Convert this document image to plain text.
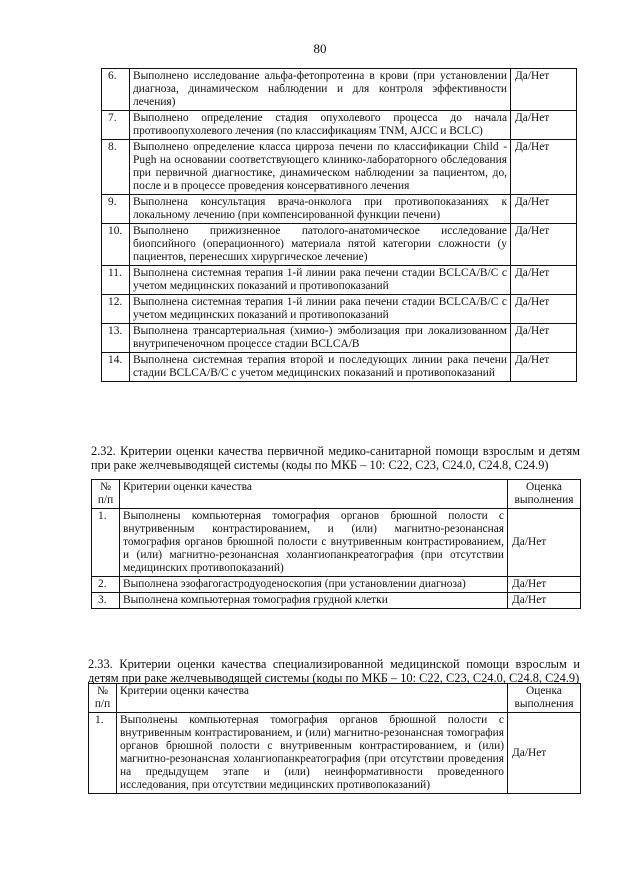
80
6.	Выполнено исследование альфа-фетопротеина в крови (при установлении диагноза, динамическом наблюдении и для контроля эффективности лечения)	Да/Нет
7.	Выполнено определение стадия опухолевого процесса до начала противоопухолевого лечения (по классификациям TNM, AJCC и BCLC)	Да/Нет
8.	Выполнено определение класса цирроза печени по классификации Child - Pugh на основании соответствующего клинико-лабораторного обследования при первичной диагностике, динамическом наблюдении за пациентом, до, после и в процессе проведения консервативного лечения	Да/Нет
9.	Выполнена консультация врача-онколога при противопоказаниях к локальному лечению (при компенсированной функции печени)	Да/Нет
10.	Выполнено прижизненное патолого-анатомическое исследование биопсийного (операционного) материала пятой категории сложности (у пациентов, перенесших хирургическое лечение)	Да/Нет
11.	Выполнена системная терапия 1-й линии рака печени стадии BCLCA/B/C с учетом медицинских показаний и противопоказаний	Да/Нет
12.	Выполнена системная терапия 1-й линии рака печени стадии BCLCA/B/C с учетом медицинских показаний и противопоказаний	Да/Нет
13.	Выполнена трансартериальная (химио-) эмболизация при локализованном внутрипеченочном процессе стадии BCLCA/B	Да/Нет
14.	Выполнена системная терапия второй и последующих линии рака печени стадии BCLCA/B/C с учетом медицинских показаний и противопоказаний	Да/Нет
2.32. Критерии оценки качества первичной медико-санитарной помощи взрослым и детям при раке желчевыводящей системы (коды по МКБ – 10: C22, C23, C24.0, C24.8, C24.9)
№ п/п	Критерии оценки качества	Оценка выполнения
1.	Выполнены компьютерная томография органов брюшной полости с внутривенным контрастированием, и (или) магнитно-резонансная томография органов брюшной полости с внутривенным контрастированием, и (или) магнитно-резонансная холангиопанкреатография (при отсутствии медицинских противопоказаний)	Да/Нет
2.	Выполнена эзофагогастродуоденоскопия (при установлении диагноза)	Да/Нет
3.	Выполнена компьютерная томография грудной клетки	Да/Нет
2.33. Критерии оценки качества специализированной медицинской помощи взрослым и детям при раке желчевыводящей системы (коды по МКБ – 10: C22, C23, C24.0, C24.8, C24.9)
№ п/п	Критерии оценки качества	Оценка выполнения
1.	Выполнены компьютерная томография органов брюшной полости с внутривенным контрастированием, и (или) магнитно-резонансная томография органов брюшной полости с внутривенным контрастированием, и (или) магнитно-резонансная холангиопанкреатография (при отсутствии проведения на предыдущем этапе и (или) неинформативности проведенного исследования, при отсутствии медицинских противопоказаний)	Да/Нет
